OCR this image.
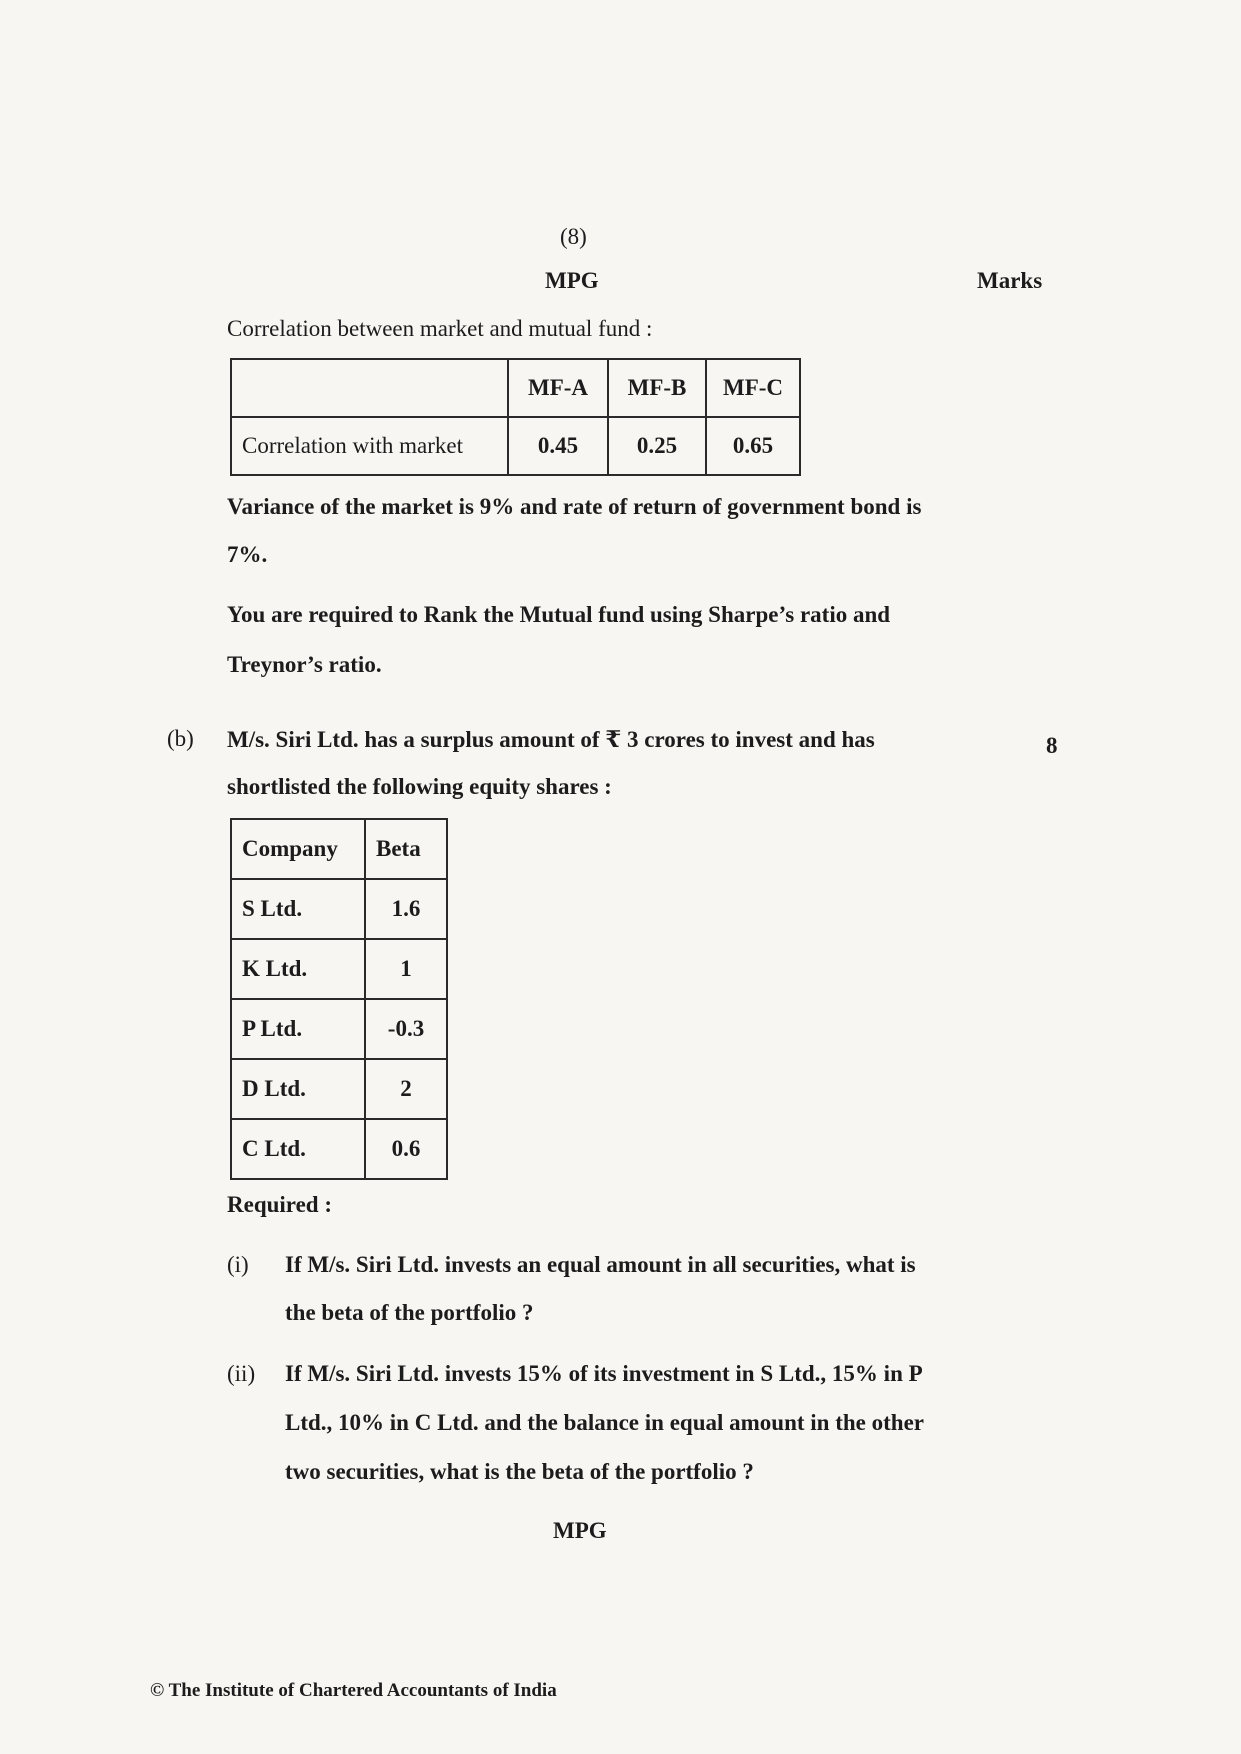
(8)
MPG	Marks
Correlation between market and mutual fund :
	MF-A	MF-B	MF-C
Correlation with market	0.45	0.25	0.65
Variance of the market is 9% and rate of return of government bond is
7%.
You are required to Rank the Mutual fund using Sharpe’s ratio and
Treynor’s ratio.
(b) M/s. Siri Ltd. has a surplus amount of ₹ 3 crores to invest and has	8
shortlisted the following equity shares :
Company	Beta
S Ltd.	1.6
K Ltd.	1
P Ltd.	-0.3
D Ltd.	2
C Ltd.	0.6
Required :
(i) If M/s. Siri Ltd. invests an equal amount in all securities, what is
the beta of the portfolio ?
(ii) If M/s. Siri Ltd. invests 15% of its investment in S Ltd., 15% in P
Ltd., 10% in C Ltd. and the balance in equal amount in the other
two securities, what is the beta of the portfolio ?
MPG
© The Institute of Chartered Accountants of India
